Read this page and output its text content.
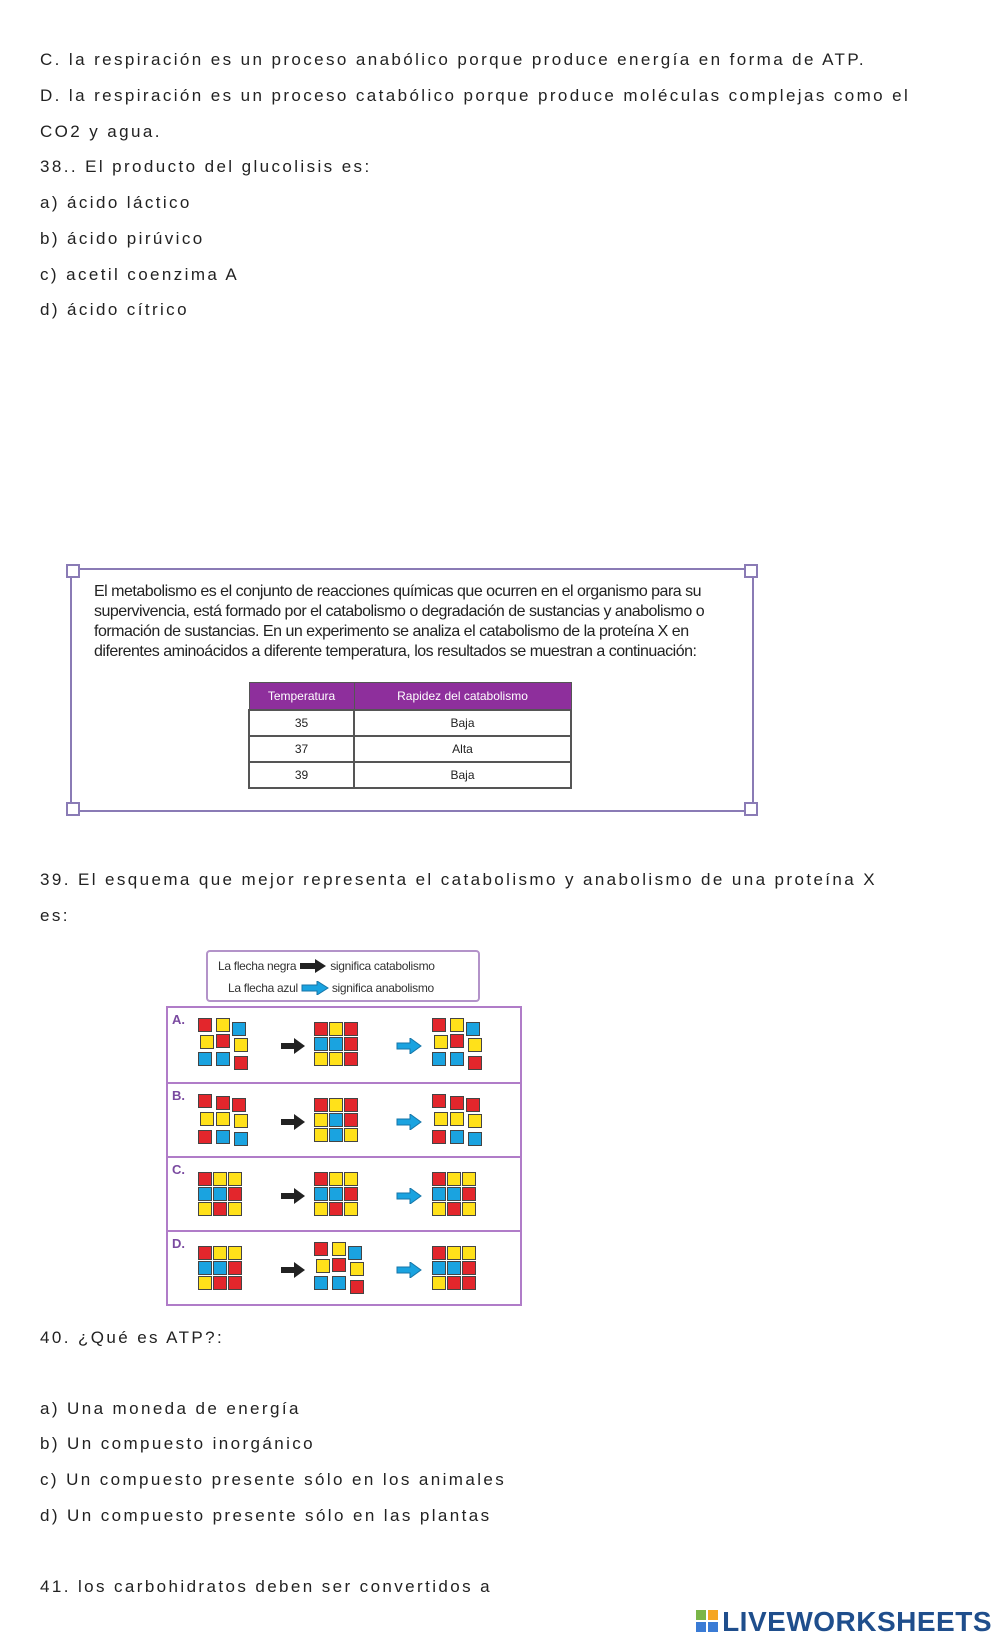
C. la respiración es un proceso anabólico porque produce energía en forma de ATP.
D. la respiración es un proceso catabólico porque produce moléculas complejas como el
CO2 y agua.
38.. El producto del glucolisis es:
a) ácido láctico
b) ácido pirúvico
c) acetil coenzima A
d) ácido cítrico
El metabolismo es el conjunto de reacciones químicas que ocurren en el organismo para su supervivencia, está formado por el catabolismo o degradación de sustancias y anabolismo o formación de sustancias. En un experimento se analiza el catabolismo de la proteína X en diferentes aminoácidos a diferente temperatura, los resultados se muestran a continuación:
Temperatura	Rapidez del catabolismo
35	Baja
37	Alta
39	Baja
39. El esquema que mejor representa el catabolismo y anabolismo de una proteína X
es:
La flecha negra	significa catabolismo
La flecha azul	significa anabolismo
A.
B.
C.
D.
40. ¿Qué es ATP?:
a) Una moneda de energía
b) Un compuesto inorgánico
c) Un compuesto presente sólo en los animales
d) Un compuesto presente sólo en las plantas
41. los carbohidratos deben ser convertidos a
LIVEWORKSHEETS
